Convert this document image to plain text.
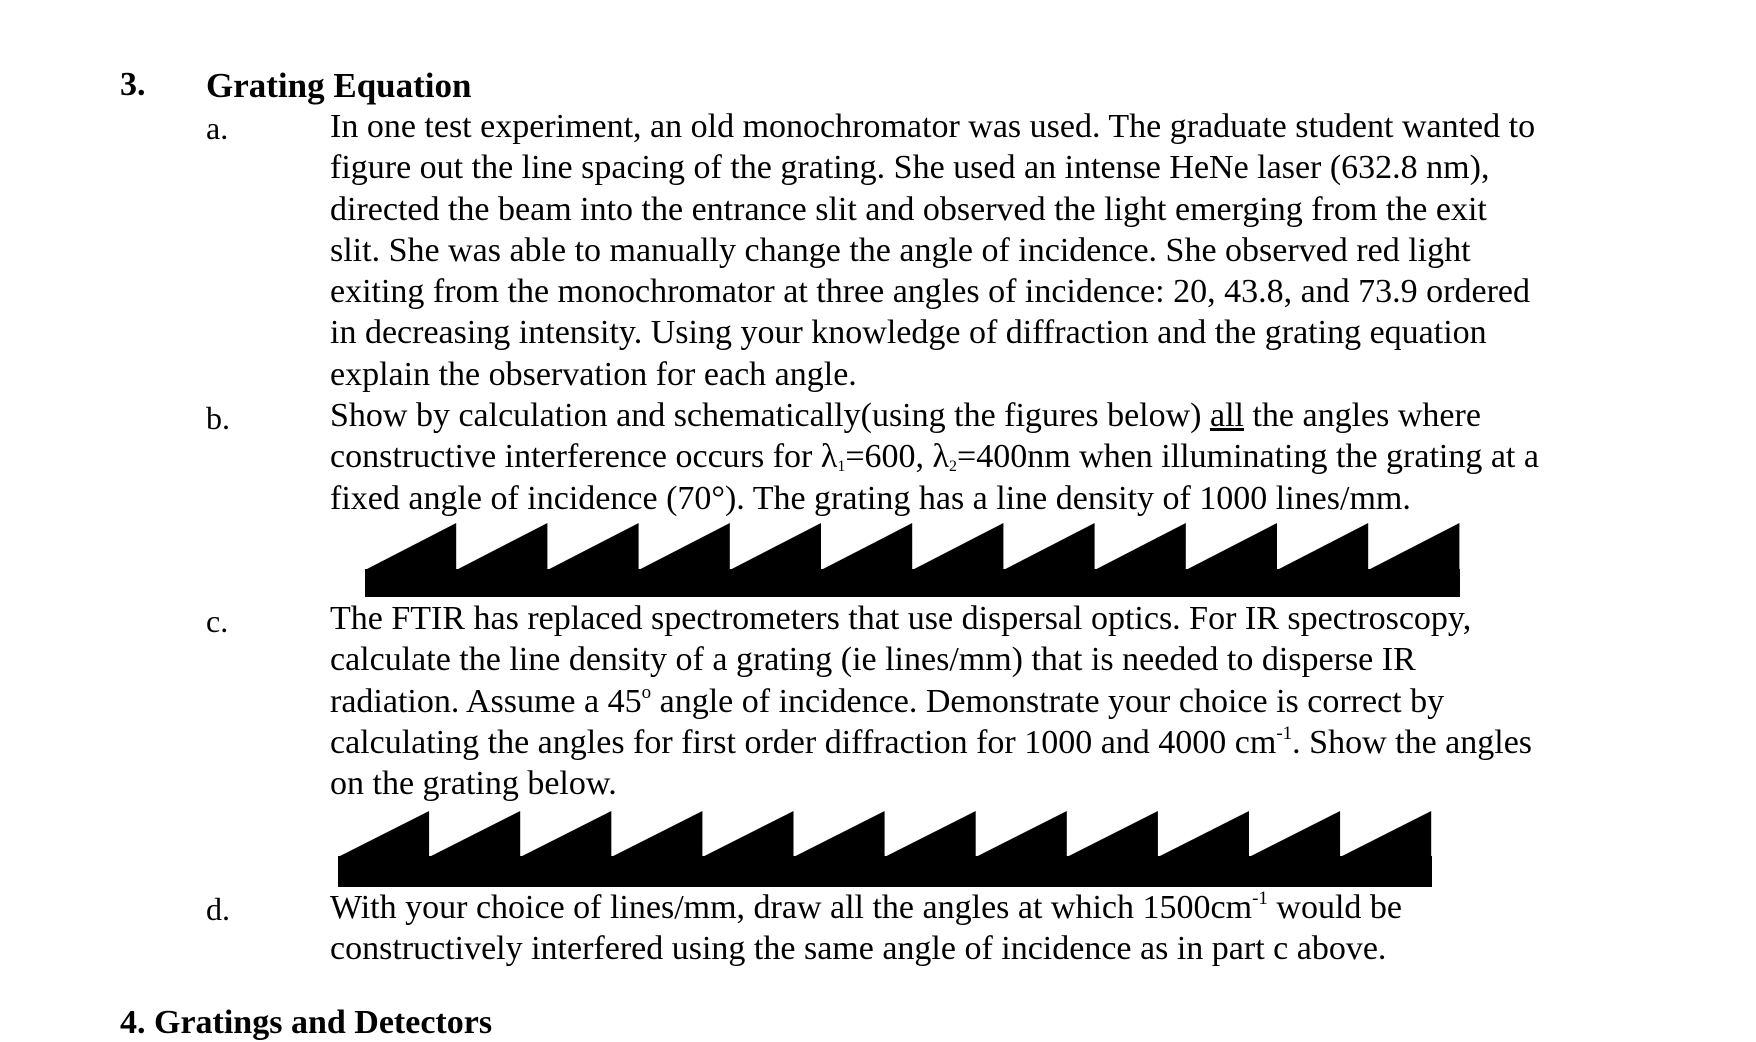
3. Grating Equation
a.	In one test experiment, an old monochromator was used. The graduate student wanted to
figure out the line spacing of the grating. She used an intense HeNe laser (632.8 nm),
directed the beam into the entrance slit and observed the light emerging from the exit
slit. She was able to manually change the angle of incidence. She observed red light
exiting from the monochromator at three angles of incidence: 20, 43.8, and 73.9 ordered
in decreasing intensity. Using your knowledge of diffraction and the grating equation
explain the observation for each angle.
b.	Show by calculation and schematically(using the figures below) all the angles where
constructive interference occurs for $\lambda_1=600$, $\lambda_2=400nm$ when illuminating the grating at a
fixed angle of incidence (70°). The grating has a line density of 1000 lines/mm.
c.	The FTIR has replaced spectrometers that use dispersal optics. For IR spectroscopy,
calculate the line density of a grating (ie lines/mm) that is needed to disperse IR
radiation. Assume a 45$^o$ angle of incidence. Demonstrate your choice is correct by
calculating the angles for first order diffraction for 1000 and 4000 $cm^{-1}$. Show the angles
on the grating below.
d.	With your choice of lines/mm, draw all the angles at which $1500cm^{-1}$ would be
constructively interfered using the same angle of incidence as in part c above.
4. Gratings and Detectors
